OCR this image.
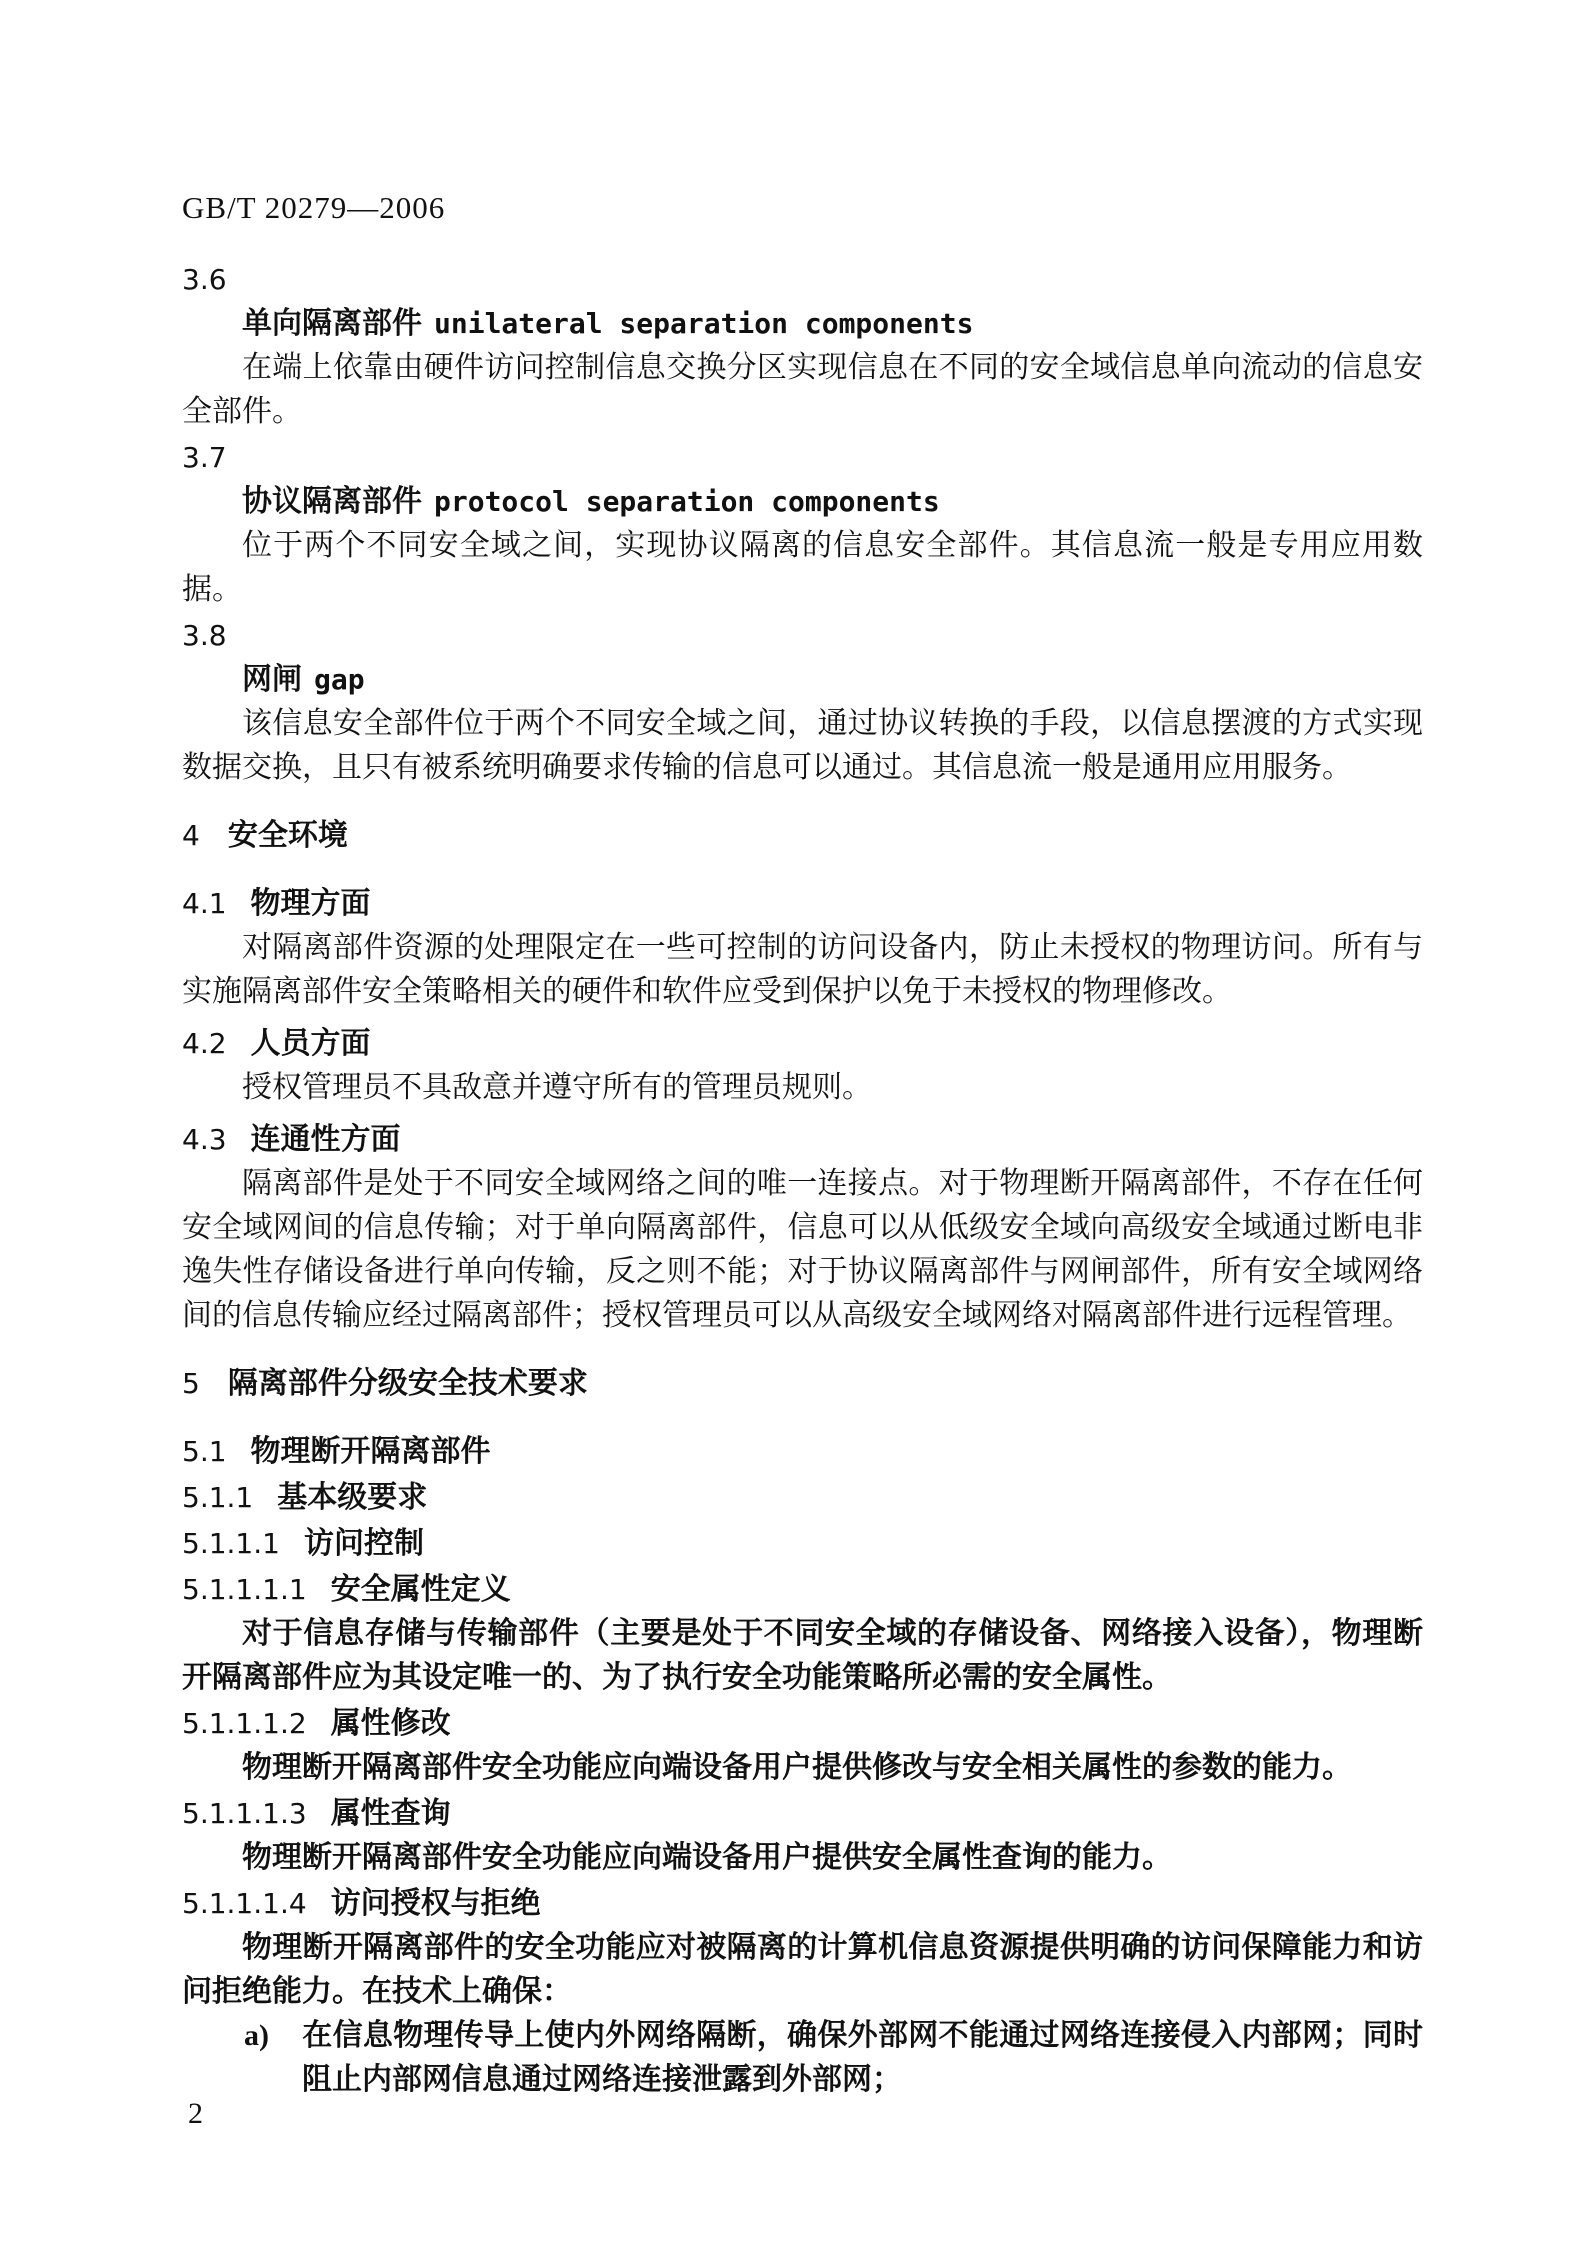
GB/T 20279—2006
3.6
单向隔离部件 unilateral separation components

在端上依靠由硬件访问控制信息交换分区实现信息在不同的安全域信息单向流动的信息安全部件。

3.7
协议隔离部件 protocol separation components

位于两个不同安全域之间，实现协议隔离的信息安全部件。其信息流一般是专用应用数据。

3.8
网闸 gap

该信息安全部件位于两个不同安全域之间，通过协议转换的手段，以信息摆渡的方式实现数据交换，且只有被系统明确要求传输的信息可以通过。其信息流一般是通用应用服务。

4 安全环境
4.1 物理方面

对隔离部件资源的处理限定在一些可控制的访问设备内，防止未授权的物理访问。所有与实施隔离部件安全策略相关的硬件和软件应受到保护以免于未授权的物理修改。

4.2 人员方面

授权管理员不具敌意并遵守所有的管理员规则。

4.3 连通性方面

隔离部件是处于不同安全域网络之间的唯一连接点。对于物理断开隔离部件，不存在任何安全域网间的信息传输；对于单向隔离部件，信息可以从低级安全域向高级安全域通过断电非逸失性存储设备进行单向传输，反之则不能；对于协议隔离部件与网闸部件，所有安全域网络间的信息传输应经过隔离部件；授权管理员可以从高级安全域网络对隔离部件进行远程管理。

5 隔离部件分级安全技术要求
5.1 物理断开隔离部件
5.1.1 基本级要求
5.1.1.1 访问控制
5.1.1.1.1 安全属性定义

对于信息存储与传输部件（主要是处于不同安全域的存储设备、网络接入设备），物理断开隔离部件应为其设定唯一的、为了执行安全功能策略所必需的安全属性。

5.1.1.1.2 属性修改

物理断开隔离部件安全功能应向端设备用户提供修改与安全相关属性的参数的能力。

5.1.1.1.3 属性查询

物理断开隔离部件安全功能应向端设备用户提供安全属性查询的能力。

5.1.1.1.4 访问授权与拒绝

物理断开隔离部件的安全功能应对被隔离的计算机信息资源提供明确的访问保障能力和访问拒绝能力。在技术上确保：

a) 在信息物理传导上使内外网络隔断，确保外部网不能通过网络连接侵入内部网；同时阻止内部网信息通过网络连接泄露到外部网；

2
